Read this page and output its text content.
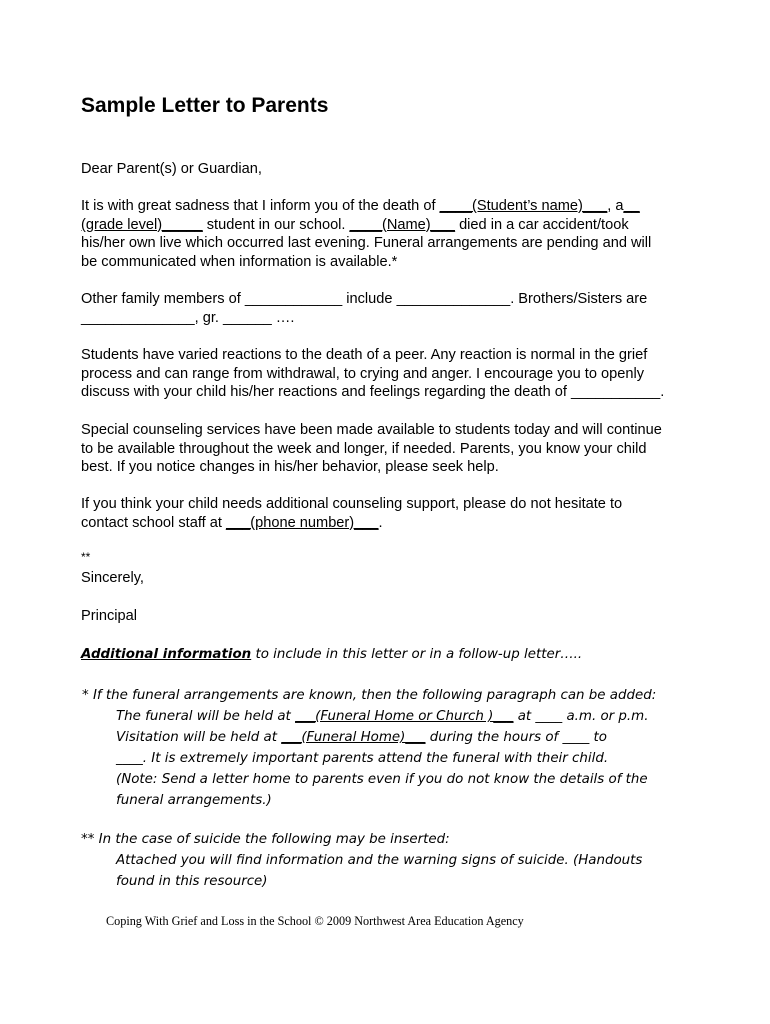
Sample Letter to Parents
Dear Parent(s) or Guardian,
It is with great sadness that I inform you of the death of ____(Student’s name)___, a__
(grade level)_____ student in our school. ____(Name)___ died in a car accident/took
his/her own live which occurred last evening. Funeral arrangements are pending and will
be communicated when information is available.*
Other family members of ____________ include ______________. Brothers/Sisters are
______________, gr. ______ ….
Students have varied reactions to the death of a peer. Any reaction is normal in the grief
process and can range from withdrawal, to crying and anger. I encourage you to openly
discuss with your child his/her reactions and feelings regarding the death of ___________.
Special counseling services have been made available to students today and will continue
to be available throughout the week and longer, if needed. Parents, you know your child
best. If you notice changes in his/her behavior, please seek help.
If you think your child needs additional counseling support, please do not hesitate to
contact school staff at ___(phone number)___.
**
Sincerely,
Principal
Additional information to include in this letter or in a follow-up letter…..
* If the funeral arrangements are known, then the following paragraph can be added:
The funeral will be held at ___(Funeral Home or Church )___ at ____ a.m. or p.m.
Visitation will be held at ___(Funeral Home)___ during the hours of ____ to
____. It is extremely important parents attend the funeral with their child.
(Note: Send a letter home to parents even if you do not know the details of the
funeral arrangements.)
** In the case of suicide the following may be inserted:
Attached you will find information and the warning signs of suicide. (Handouts
found in this resource)
Coping With Grief and Loss in the School © 2009 Northwest Area Education Agency
